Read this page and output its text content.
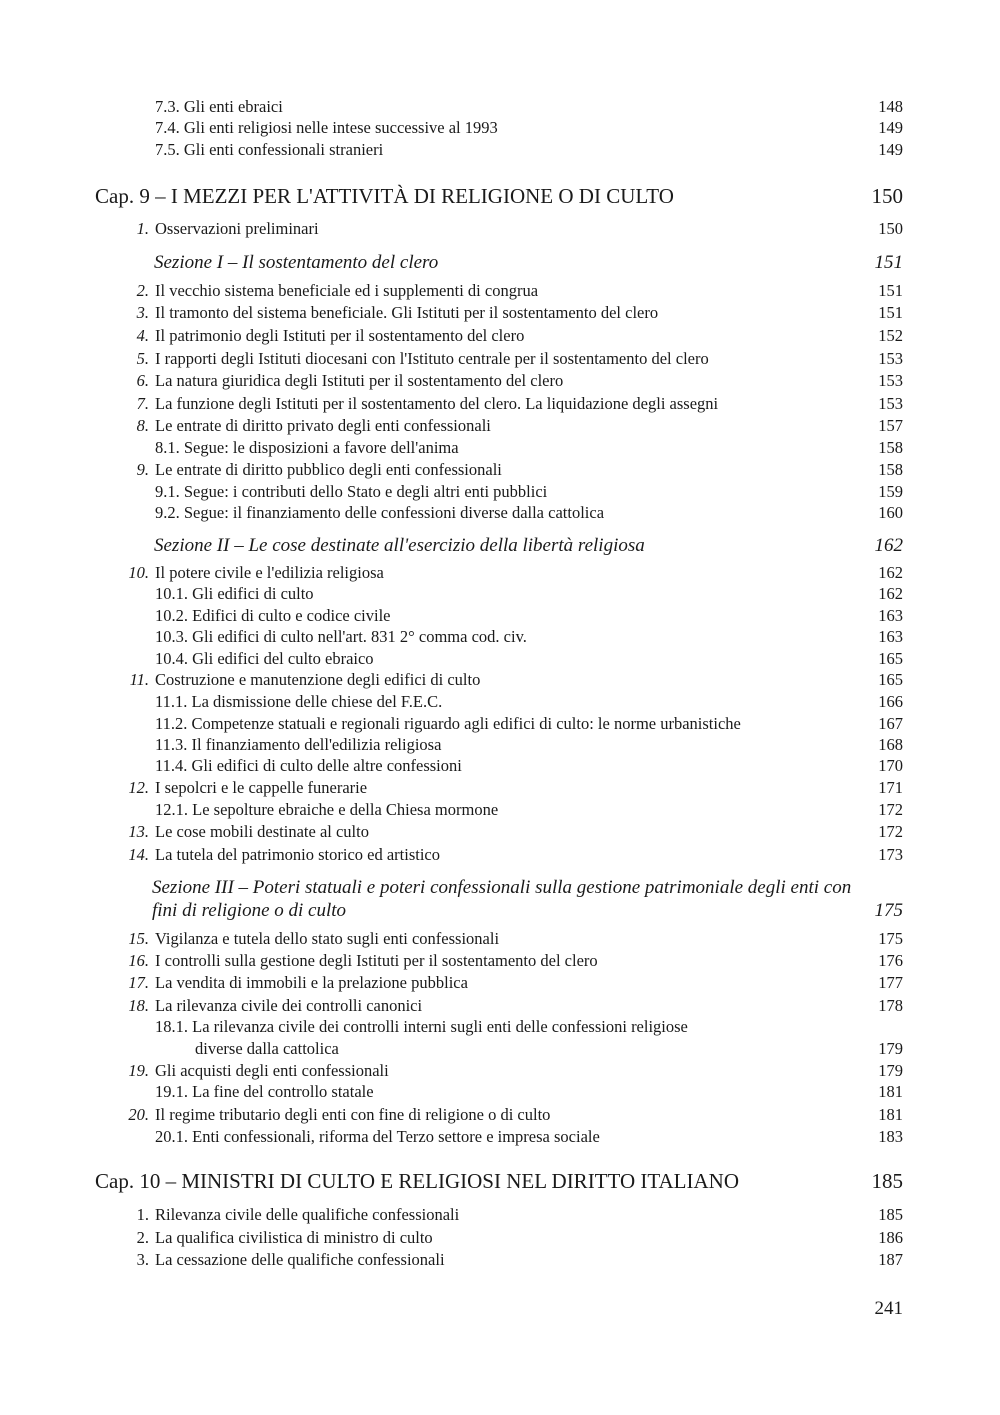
7.3. Gli enti ebraici	148
7.4. Gli enti religiosi nelle intese successive al 1993	149
7.5. Gli enti confessionali stranieri	149
Cap. 9 – I MEZZI PER L'ATTIVITÀ DI RELIGIONE O DI CULTO	150
1. Osservazioni preliminari	150
Sezione I – Il sostentamento del clero	151
2. Il vecchio sistema beneficiale ed i supplementi di congrua	151
3. Il tramonto del sistema beneficiale. Gli Istituti per il sostentamento del clero	151
4. Il patrimonio degli Istituti per il sostentamento del clero	152
5. I rapporti degli Istituti diocesani con l'Istituto centrale per il sostentamento del clero	153
6. La natura giuridica degli Istituti per il sostentamento del clero	153
7. La funzione degli Istituti per il sostentamento del clero. La liquidazione degli assegni	153
8. Le entrate di diritto privato degli enti confessionali	157
8.1. Segue: le disposizioni a favore dell'anima	158
9. Le entrate di diritto pubblico degli enti confessionali	158
9.1. Segue: i contributi dello Stato e degli altri enti pubblici	159
9.2. Segue: il finanziamento delle confessioni diverse dalla cattolica	160
Sezione II – Le cose destinate all'esercizio della libertà religiosa	162
10. Il potere civile e l'edilizia religiosa	162
10.1. Gli edifici di culto	162
10.2. Edifici di culto e codice civile	163
10.3. Gli edifici di culto nell'art. 831 2° comma cod. civ.	163
10.4. Gli edifici del culto ebraico	165
11. Costruzione e manutenzione degli edifici di culto	165
11.1. La dismissione delle chiese del F.E.C.	166
11.2. Competenze statuali e regionali riguardo agli edifici di culto: le norme urbanistiche	167
11.3. Il finanziamento dell'edilizia religiosa	168
11.4. Gli edifici di culto delle altre confessioni	170
12. I sepolcri e le cappelle funerarie	171
12.1. Le sepolture ebraiche e della Chiesa mormone	172
13. Le cose mobili destinate al culto	172
14. La tutela del patrimonio storico ed artistico	173
Sezione III – Poteri statuali e poteri confessionali sulla gestione patrimoniale degli enti con
fini di religione o di culto	175
15. Vigilanza e tutela dello stato sugli enti confessionali	175
16. I controlli sulla gestione degli Istituti per il sostentamento del clero	176
17. La vendita di immobili e la prelazione pubblica	177
18. La rilevanza civile dei controlli canonici	178
18.1. La rilevanza civile dei controlli interni sugli enti delle confessioni religiose
diverse dalla cattolica	179
19. Gli acquisti degli enti confessionali	179
19.1. La fine del controllo statale	181
20. Il regime tributario degli enti con fine di religione o di culto	181
20.1. Enti confessionali, riforma del Terzo settore e impresa sociale	183
Cap. 10 – MINISTRI DI CULTO E RELIGIOSI NEL DIRITTO ITALIANO	185
1. Rilevanza civile delle qualifiche confessionali	185
2. La qualifica civilistica di ministro di culto	186
3. La cessazione delle qualifiche confessionali	187
241
